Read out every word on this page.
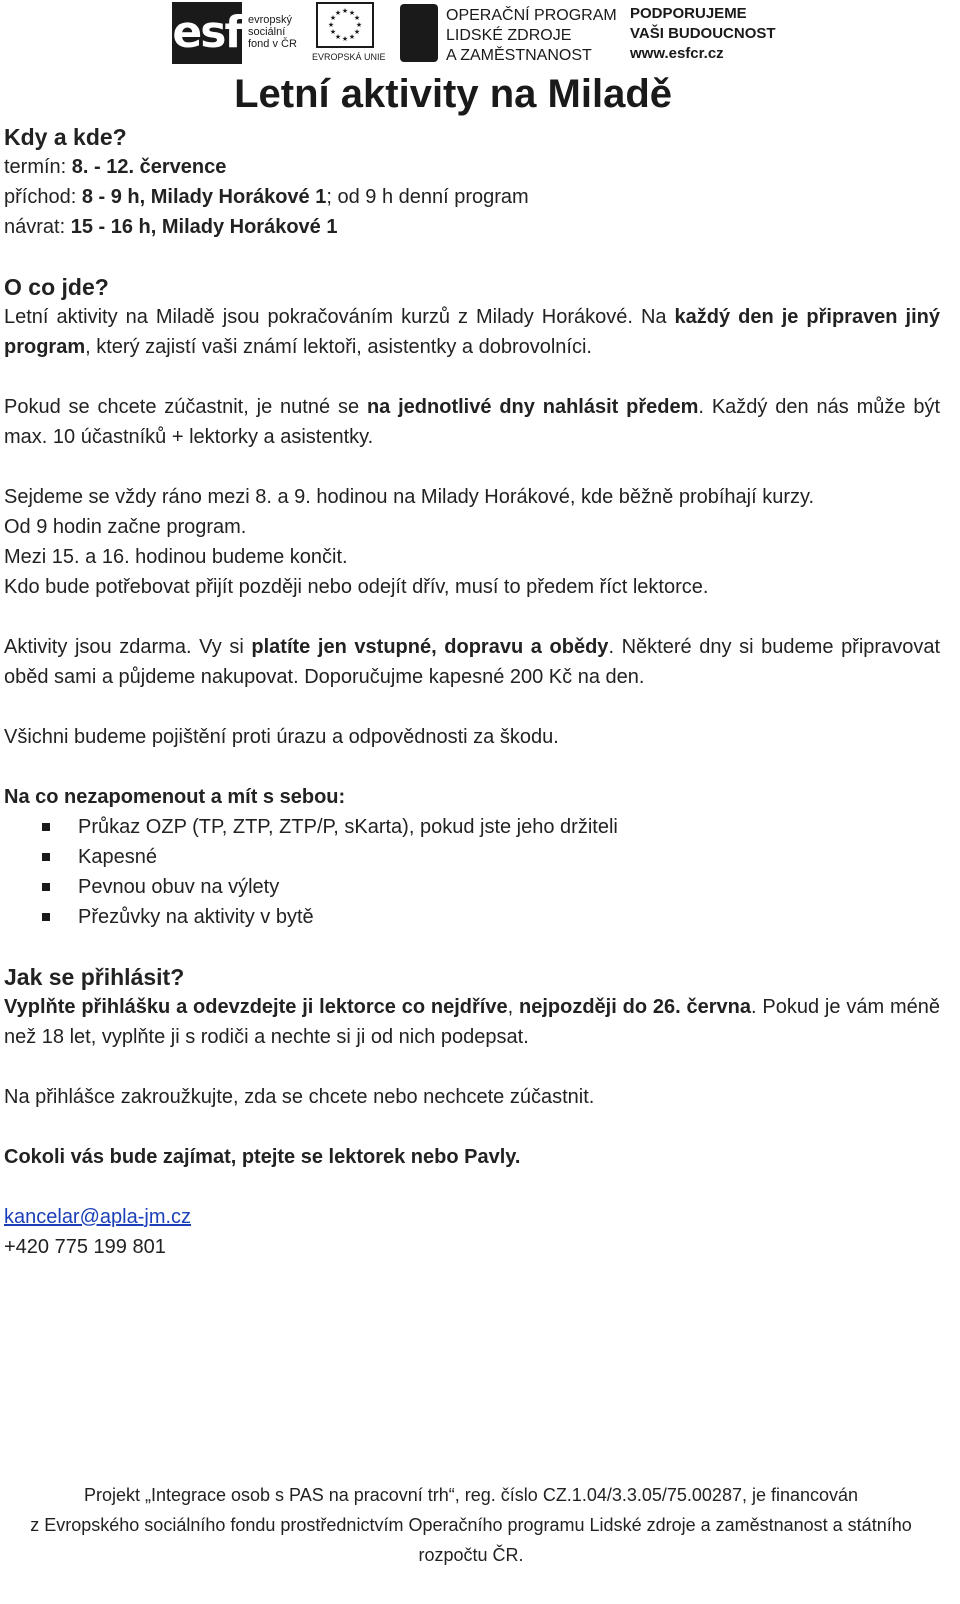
esf evropský
sociální
fond v ČR
★ ★
★
★
★
★
★
★
★
★
★
★
EVROPSKÁ UNIE
OPERAČNÍ PROGRAM
LIDSKÉ ZDROJE
A ZAMĚSTNANOST
PODPORUJEME
VAŠI BUDOUCNOST
www.esfcr.cz
Letní aktivity na Miladě

Kdy a kde?

termín: 8. - 12. července

příchod: 8 - 9 h, Milady Horákové 1; od 9 h denní program

návrat: 15 - 16 h, Milady Horákové 1

O co jde?

Letní aktivity na Miladě jsou pokračováním kurzů z Milady Horákové. Na každý den je připraven jiný program, který zajistí vaši známí lektoři, asistentky a dobrovolníci.

Pokud se chcete zúčastnit, je nutné se na jednotlivé dny nahlásit předem. Každý den nás může být max. 10 účastníků + lektorky a asistentky.

Sejdeme se vždy ráno mezi 8. a 9. hodinou na Milady Horákové, kde běžně probíhají kurzy.

Od 9 hodin začne program.

Mezi 15. a 16. hodinou budeme končit.

Kdo bude potřebovat přijít později nebo odejít dřív, musí to předem říct lektorce.

Aktivity jsou zdarma. Vy si platíte jen vstupné, dopravu a obědy. Některé dny si budeme připravovat oběd sami a půjdeme nakupovat. Doporučujme kapesné 200 Kč na den.

Všichni budeme pojištění proti úrazu a odpovědnosti za škodu.

Na co nezapomenout a mít s sebou:

Průkaz OZP (TP, ZTP, ZTP/P, sKarta), pokud jste jeho držiteli
Kapesné
Pevnou obuv na výlety
Přezůvky na aktivity v bytě

Jak se přihlásit?

Vyplňte přihlášku a odevzdejte ji lektorce co nejdříve, nejpozději do 26. června. Pokud je vám méně než 18 let, vyplňte ji s rodiči a nechte si ji od nich podepsat.

Na přihlášce zakroužkujte, zda se chcete nebo nechcete zúčastnit.

Cokoli vás bude zajímat, ptejte se lektorek nebo Pavly.

kancelar@apla-jm.cz

+420 775 199 801

Projekt „Integrace osob s PAS na pracovní trh“, reg. číslo CZ.1.04/3.3.05/75.00287, je financován
z Evropského sociálního fondu prostřednictvím Operačního programu Lidské zdroje a zaměstnanost a státního
rozpočtu ČR.
